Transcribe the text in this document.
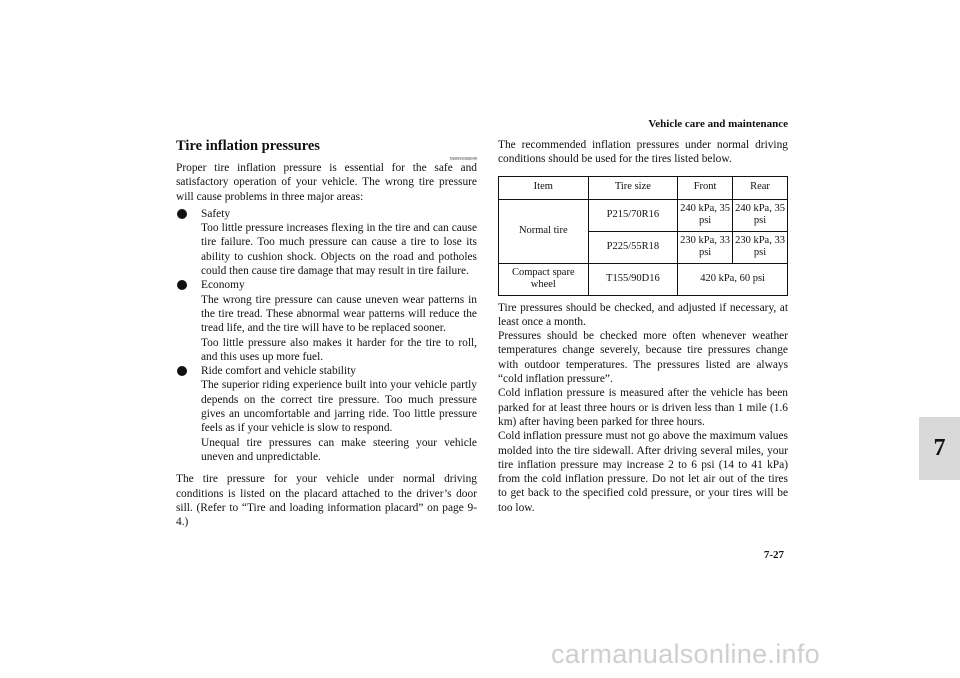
Vehicle care and maintenance
Tire inflation pressures
N00939300099

Proper tire inflation pressure is essential for the safe and satisfactory operation of your vehicle. The wrong tire pressure will cause problems in three major areas:

Safety

Too little pressure increases flexing in the tire and can cause tire failure. Too much pressure can cause a tire to lose its ability to cushion shock. Objects on the road and potholes could then cause tire damage that may result in tire failure.

Economy

The wrong tire pressure can cause uneven wear patterns in the tire tread. These abnormal wear patterns will reduce the tread life, and the tire will have to be replaced sooner.

Too little pressure also makes it harder for the tire to roll, and this uses up more fuel.

Ride comfort and vehicle stability

The superior riding experience built into your vehicle partly depends on the correct tire pressure. Too much pressure gives an uncomfortable and jarring ride. Too little pressure feels as if your vehicle is slow to respond.

Unequal tire pressures can make steering your vehicle uneven and unpredictable.

The tire pressure for your vehicle under normal driving conditions is listed on the placard attached to the driver’s door sill. (Refer to “Tire and loading information placard” on page 9-4.)

The recommended inflation pressures under normal driving conditions should be used for the tires listed below.

Item	Tire size	Front	Rear
Normal tire	P215/70R16	240 kPa, 35 psi	240 kPa, 35 psi
	P225/55R18	230 kPa, 33 psi	230 kPa, 33 psi
Compact spare wheel	T155/90D16	420 kPa, 60 psi	

Tire pressures should be checked, and adjusted if necessary, at least once a month.

Pressures should be checked more often whenever weather temperatures change severely, because tire pressures change with outdoor temperatures. The pressures listed are always “cold inflation pressure”.

Cold inflation pressure is measured after the vehicle has been parked for at least three hours or is driven less than 1 mile (1.6 km) after having been parked for three hours.

Cold inflation pressure must not go above the maximum values molded into the tire sidewall. After driving several miles, your tire inflation pressure may increase 2 to 6 psi (14 to 41 kPa) from the cold inflation pressure. Do not let air out of the tires to get back to the specified cold pressure, or your tires will be too low.

7
7-27
carmanualsonline.info
